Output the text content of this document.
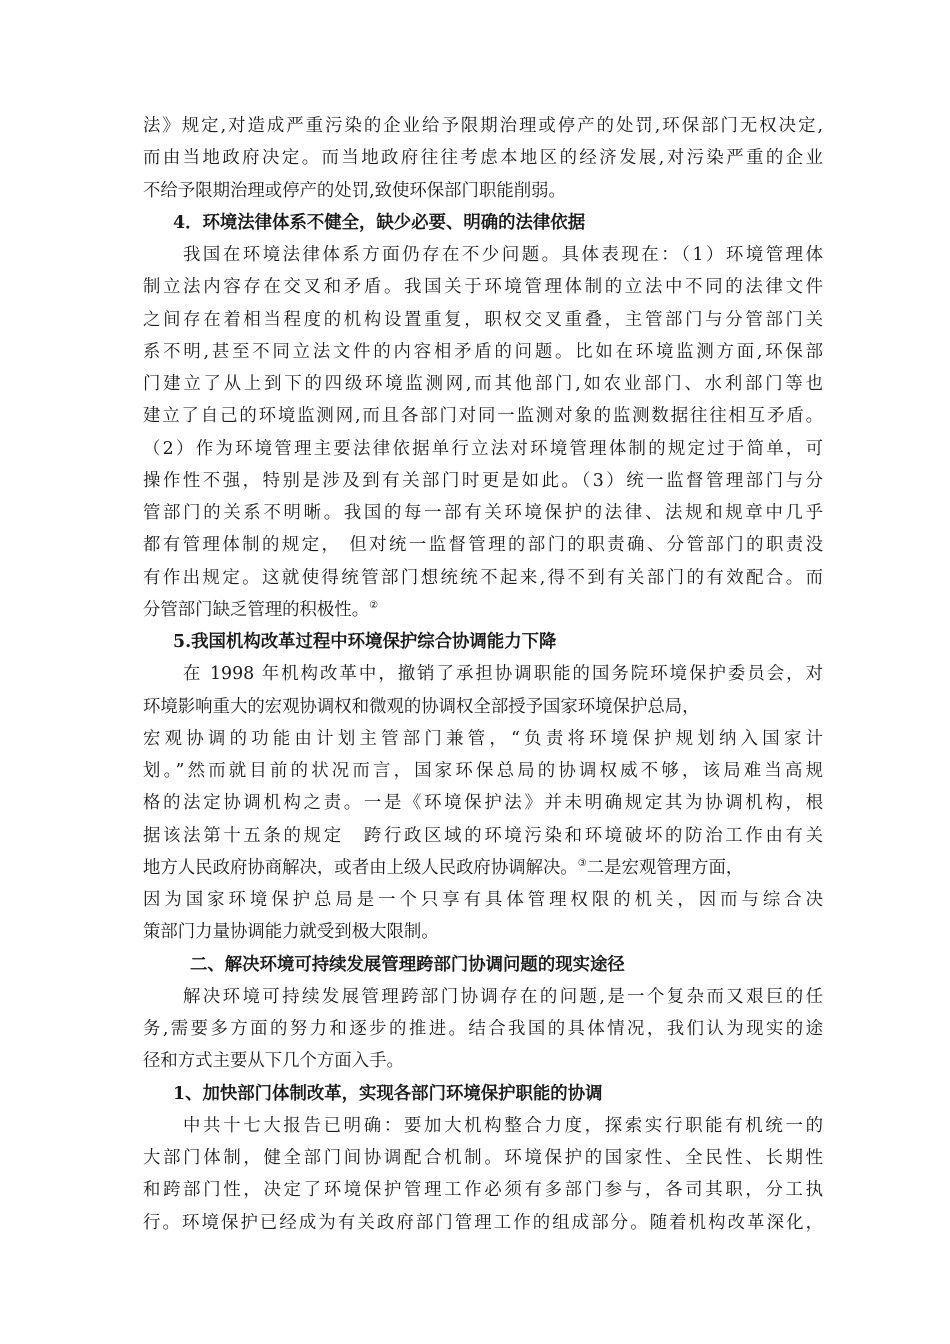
法》规定,对造成严重污染的企业给予限期治理或停产的处罚,环保部门无权决定,
而由当地政府决定。而当地政府往往考虑本地区的经济发展,对污染严重的企业
不给予限期治理或停产的处罚,致使环保部门职能削弱。
4．环境法律体系不健全，缺少必要、明确的法律依据
我国在环境法律体系方面仍存在不少问题。具体表现在：（1）环境管理体
制立法内容存在交叉和矛盾。我国关于环境管理体制的立法中不同的法律文件
之间存在着相当程度的机构设置重复，职权交叉重叠，主管部门与分管部门关
系不明,甚至不同立法文件的内容相矛盾的问题。比如在环境监测方面,环保部
门建立了从上到下的四级环境监测网,而其他部门,如农业部门、水利部门等也
建立了自己的环境监测网,而且各部门对同一监测对象的监测数据往往相互矛盾。
（2）作为环境管理主要法律依据单行立法对环境管理体制的规定过于简单，可
操作性不强，特别是涉及到有关部门时更是如此。（3）统一监督管理部门与分
管部门的关系不明晰。我国的每一部有关环境保护的法律、法规和规章中几乎
都有管理体制的规定， 但对统一监督管理的部门的职责确、分管部门的职责没
有作出规定。这就使得统管部门想统统不起来,得不到有关部门的有效配合。而
分管部门缺乏管理的积极性。②
5.我国机构改革过程中环境保护综合协调能力下降
在 1998 年机构改革中，撤销了承担协调职能的国务院环境保护委员会，对
环境影响重大的宏观协调权和微观的协调权全部授予国家环境保护总局，
宏观协调的功能由计划主管部门兼管，“负责将环境保护规划纳入国家计
划。”然而就目前的状况而言，国家环保总局的协调权威不够，该局难当高规
格的法定协调机构之责。一是《环境保护法》并未明确规定其为协调机构，根
据该法第十五条的规定　跨行政区域的环境污染和环境破坏的防治工作由有关
地方人民政府协商解决，或者由上级人民政府协调解决。③二是宏观管理方面，
因为国家环境保护总局是一个只享有具体管理权限的机关，因而与综合决
策部门力量协调能力就受到极大限制。
二、解决环境可持续发展管理跨部门协调问题的现实途径
解决环境可持续发展管理跨部门协调存在的问题,是一个复杂而又艰巨的任
务,需要多方面的努力和逐步的推进。结合我国的具体情况，我们认为现实的途
径和方式主要从下几个方面入手。
1、加快部门体制改革，实现各部门环境保护职能的协调
中共十七大报告已明确：要加大机构整合力度，探索实行职能有机统一的
大部门体制，健全部门间协调配合机制。环境保护的国家性、全民性、长期性
和跨部门性，决定了环境保护管理工作必须有多部门参与，各司其职，分工执
行。环境保护已经成为有关政府部门管理工作的组成部分。随着机构改革深化，
